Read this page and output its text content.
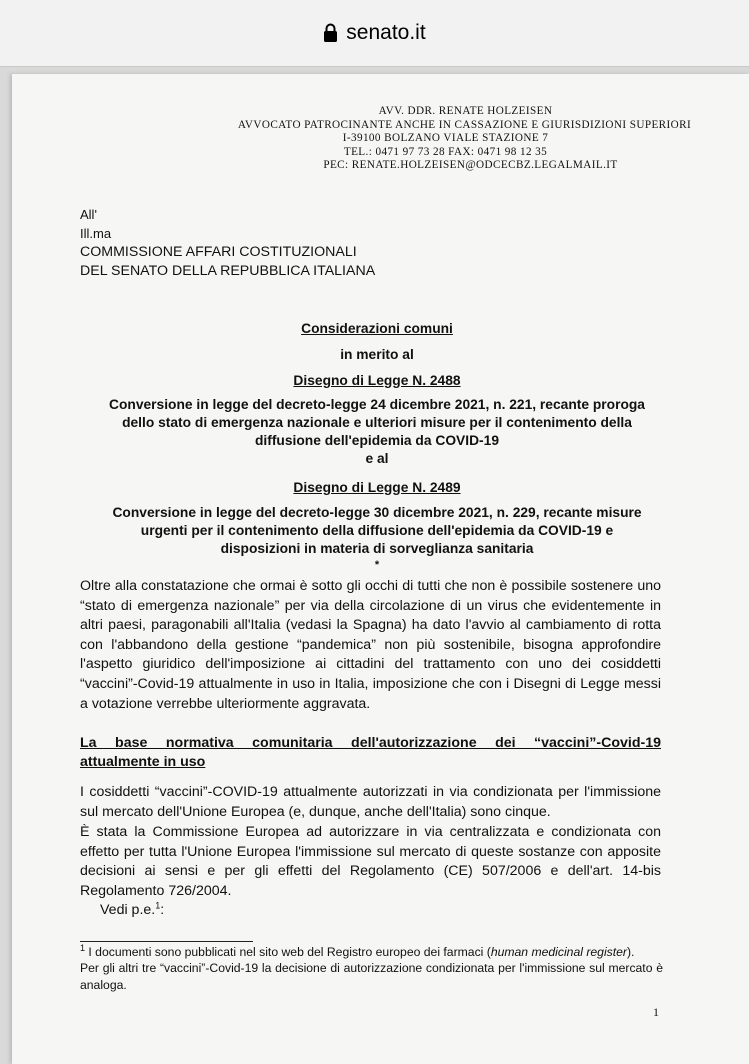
senato.it
AVV. DDR. RENATE HOLZEISEN
AVVOCATO PATROCINANTE ANCHE IN CASSAZIONE E GIURISDIZIONI SUPERIORI
I-39100 BOLZANO VIALE STAZIONE 7
TEL.: 0471 97 73 28 FAX: 0471 98 12 35
PEC: RENATE.HOLZEISEN@ODCECBZ.LEGALMAIL.IT
All'
Ill.ma
COMMISSIONE AFFARI COSTITUZIONALI
DEL SENATO DELLA REPUBBLICA ITALIANA
Considerazioni comuni
in merito al
Disegno di Legge N. 2488
Conversione in legge del decreto-legge 24 dicembre 2021, n. 221, recante proroga
dello stato di emergenza nazionale e ulteriori misure per il contenimento della
diffusione dell'epidemia da COVID-19
e al
Disegno di Legge N. 2489
Conversione in legge del decreto-legge 30 dicembre 2021, n. 229, recante misure
urgenti per il contenimento della diffusione dell'epidemia da COVID-19 e
disposizioni in materia di sorveglianza sanitaria
*
Oltre alla constatazione che ormai è sotto gli occhi di tutti che non è possibile sostenere uno “stato di emergenza nazionale” per via della circolazione di un virus che evidentemente in altri paesi, paragonabili all'Italia (vedasi la Spagna) ha dato l'avvio al cambiamento di rotta con l'abbandono della gestione “pandemica” non più sostenibile, bisogna approfondire l'aspetto giuridico dell'imposizione ai cittadini del trattamento con uno dei cosiddetti “vaccini”-Covid-19 attualmente in uso in Italia, imposizione che con i Disegni di Legge messi a votazione verrebbe ulteriormente aggravata.
La base normativa comunitaria dell'autorizzazione dei “vaccini”-Covid-19
attualmente in uso
I cosiddetti “vaccini”-COVID-19 attualmente autorizzati in via condizionata per l'immissione sul mercato dell'Unione Europea (e, dunque, anche dell'Italia) sono cinque.
È stata la Commissione Europea ad autorizzare in via centralizzata e condizionata con effetto per tutta l'Unione Europea l'immissione sul mercato di queste sostanze con apposite decisioni ai sensi e per gli effetti del Regolamento (CE) 507/2006 e dell'art. 14-bis Regolamento 726/2004.
Vedi p.e.$^1$:
$^1$ I documenti sono pubblicati nel sito web del Registro europeo dei farmaci (human medicinal register).
Per gli altri tre “vaccini”-Covid-19 la decisione di autorizzazione condizionata per l'immissione sul mercato è analoga.
1
